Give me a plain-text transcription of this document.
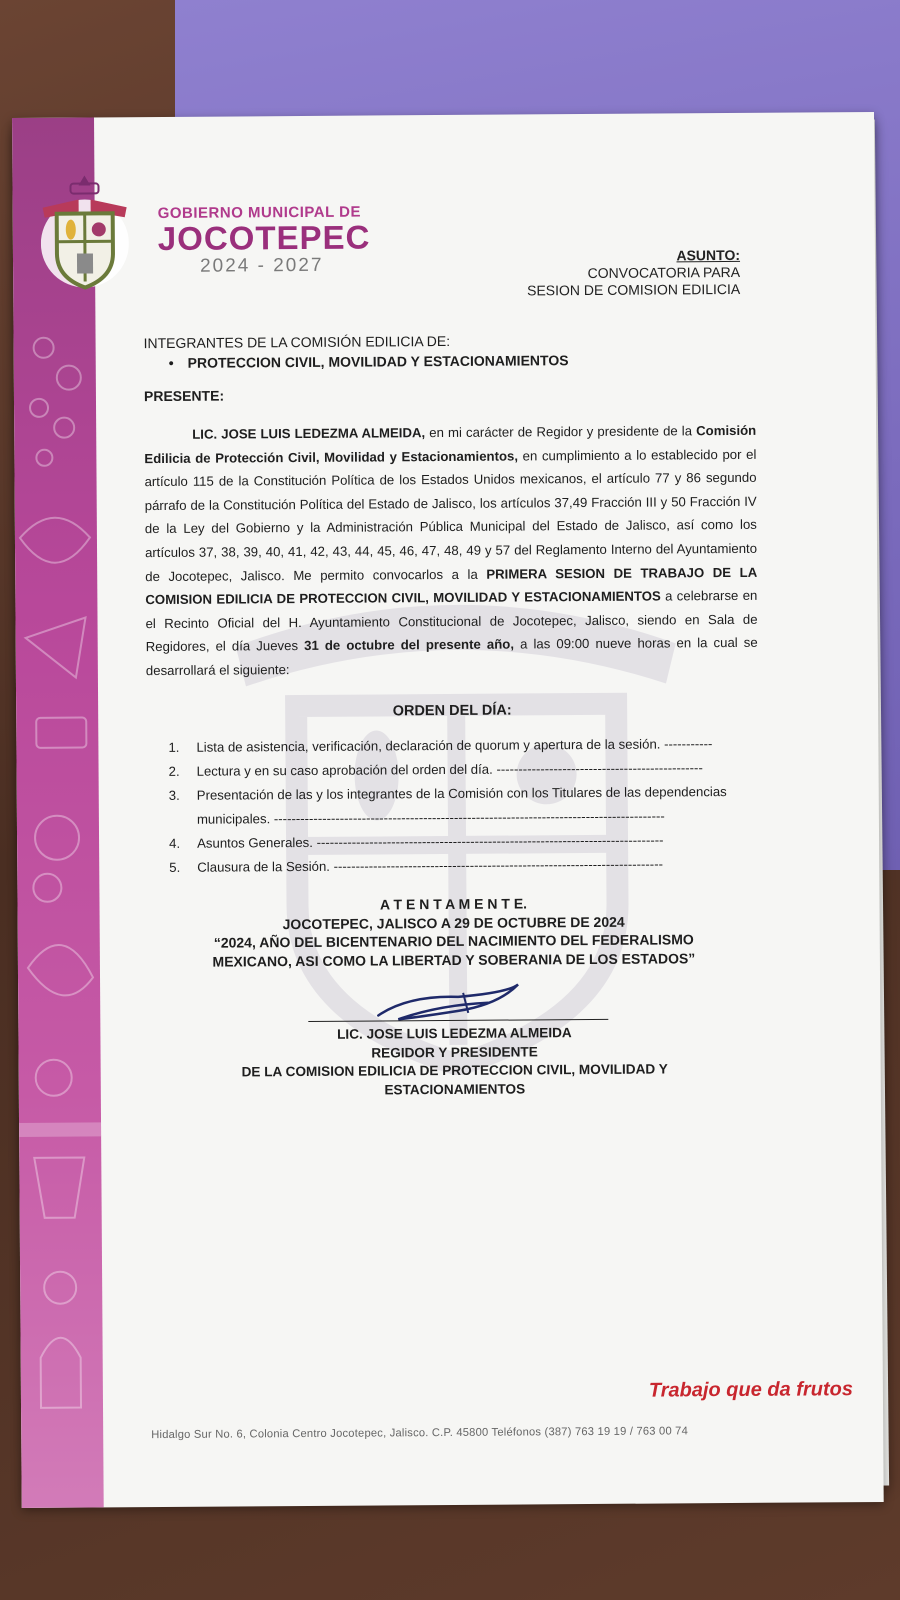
GOBIERNO MUNICIPAL DE
JOCOTEPEC
2024 - 2027	ASUNTO:
CONVOCATORIA PARA
SESION DE COMISION EDILICIA
INTEGRANTES DE LA COMISIÓN EDILICIA DE:
• PROTECCION CIVIL, MOVILIDAD Y ESTACIONAMIENTOS
PRESENTE:
LIC. JOSE LUIS LEDEZMA ALMEIDA, en mi carácter de Regidor y presidente de la Comisión Edilicia de Protección Civil, Movilidad y Estacionamientos, en cumplimiento a lo establecido por el artículo 115 de la Constitución Política de los Estados Unidos mexicanos, el artículo 77 y 86 segundo párrafo de la Constitución Política del Estado de Jalisco, los artículos 37,49 Fracción III y 50 Fracción IV de la Ley del Gobierno y la Administración Pública Municipal del Estado de Jalisco, así como los artículos 37, 38, 39, 40, 41, 42, 43, 44, 45, 46, 47, 48, 49 y 57 del Reglamento Interno del Ayuntamiento de Jocotepec, Jalisco. Me permito convocarlos a la PRIMERA SESION DE TRABAJO DE LA COMISION EDILICIA DE PROTECCION CIVIL, MOVILIDAD Y ESTACIONAMIENTOS a celebrarse en el Recinto Oficial del H. Ayuntamiento Constitucional de Jocotepec, Jalisco, siendo en Sala de Regidores, el día Jueves 31 de octubre del presente año, a las 09:00 nueve horas en la cual se desarrollará el siguiente:
ORDEN DEL DÍA:
1.	Lista de asistencia, verificación, declaración de quorum y apertura de la sesión. -----------
2.	Lectura y en su caso aprobación del orden del día. -----------------------------------------------
3.	Presentación de las y los integrantes de la Comisión con los Titulares de las dependencias municipales. -----------------------------------------------------------------------------------------
4.	Asuntos Generales. -------------------------------------------------------------------------------
5.	Clausura de la Sesión. ---------------------------------------------------------------------------
A T E N T A M E N T E.
JOCOTEPEC, JALISCO A 29 DE OCTUBRE DE 2024
“2024, AÑO DEL BICENTENARIO DEL NACIMIENTO DEL FEDERALISMO
MEXICANO, ASI COMO LA LIBERTAD Y SOBERANIA DE LOS ESTADOS”
LIC. JOSE LUIS LEDEZMA ALMEIDA
REGIDOR Y PRESIDENTE
DE LA COMISION EDILICIA DE PROTECCION CIVIL, MOVILIDAD Y
ESTACIONAMIENTOS
Trabajo que da frutos
Hidalgo Sur No. 6, Colonia Centro Jocotepec, Jalisco. C.P. 45800 Teléfonos (387) 763 19 19 / 763 00 74
